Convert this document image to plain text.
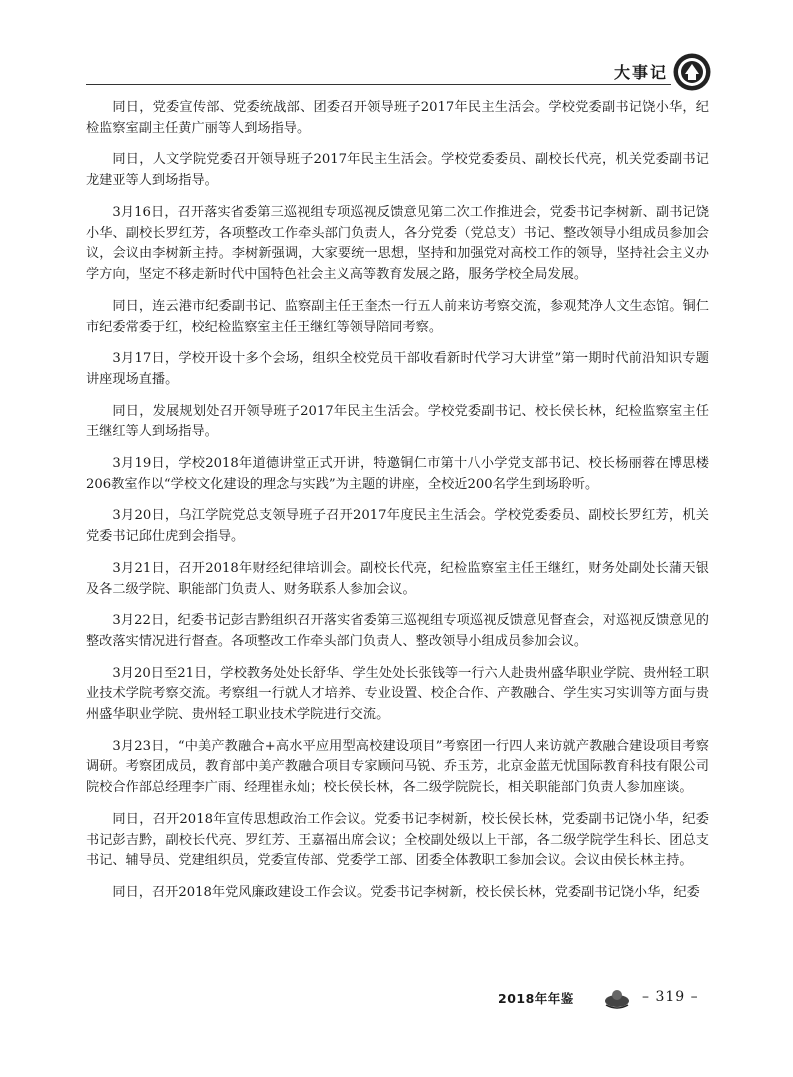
大事记

同日，党委宣传部、党委统战部、团委召开领导班子2017年民主生活会。学校党委副书记饶小华，纪检监察室副主任黄广丽等人到场指导。

同日，人文学院党委召开领导班子2017年民主生活会。学校党委委员、副校长代亮，机关党委副书记龙建亚等人到场指导。

3月16日，召开落实省委第三巡视组专项巡视反馈意见第二次工作推进会，党委书记李树新、副书记饶小华、副校长罗红芳，各项整改工作牵头部门负责人，各分党委（党总支）书记、整改领导小组成员参加会议，会议由李树新主持。李树新强调，大家要统一思想，坚持和加强党对高校工作的领导，坚持社会主义办学方向，坚定不移走新时代中国特色社会主义高等教育发展之路，服务学校全局发展。

同日，连云港市纪委副书记、监察副主任王奎杰一行五人前来访考察交流，参观梵净人文生态馆。铜仁市纪委常委于红，校纪检监察室主任王继红等领导陪同考察。

3月17日，学校开设十多个会场，组织全校党员干部收看新时代学习大讲堂”第一期时代前沿知识专题讲座现场直播。

同日，发展规划处召开领导班子2017年民主生活会。学校党委副书记、校长侯长林，纪检监察室主任王继红等人到场指导。

3月19日，学校2018年道德讲堂正式开讲，特邀铜仁市第十八小学党支部书记、校长杨丽蓉在博思楼206教室作以“学校文化建设的理念与实践”为主题的讲座，全校近200名学生到场聆听。

3月20日，乌江学院党总支领导班子召开2017年度民主生活会。学校党委委员、副校长罗红芳，机关党委书记邱仕虎到会指导。

3月21日，召开2018年财经纪律培训会。副校长代亮，纪检监察室主任王继红，财务处副处长蒲天银及各二级学院、职能部门负责人、财务联系人参加会议。

3月22日，纪委书记彭吉黔组织召开落实省委第三巡视组专项巡视反馈意见督查会，对巡视反馈意见的整改落实情况进行督查。各项整改工作牵头部门负责人、整改领导小组成员参加会议。

3月20日至21日，学校教务处处长舒华、学生处处长张钱等一行六人赴贵州盛华职业学院、贵州轻工职业技术学院考察交流。考察组一行就人才培养、专业设置、校企合作、产教融合、学生实习实训等方面与贵州盛华职业学院、贵州轻工职业技术学院进行交流。

3月23日，“中美产教融合+高水平应用型高校建设项目”考察团一行四人来访就产教融合建设项目考察调研。考察团成员，教育部中美产教融合项目专家顾问马锐、乔玉芳，北京金蓝无忧国际教育科技有限公司院校合作部总经理李广雨、经理崔永灿；校长侯长林，各二级学院院长，相关职能部门负责人参加座谈。

同日，召开2018年宣传思想政治工作会议。党委书记李树新，校长侯长林，党委副书记饶小华，纪委书记彭吉黔，副校长代亮、罗红芳、王嘉福出席会议；全校副处级以上干部，各二级学院学生科长、团总支书记、辅导员、党建组织员，党委宣传部、党委学工部、团委全体教职工参加会议。会议由侯长林主持。

同日，召开2018年党风廉政建设工作会议。党委书记李树新，校长侯长林，党委副书记饶小华，纪委

2018年年鉴	– 319 –
